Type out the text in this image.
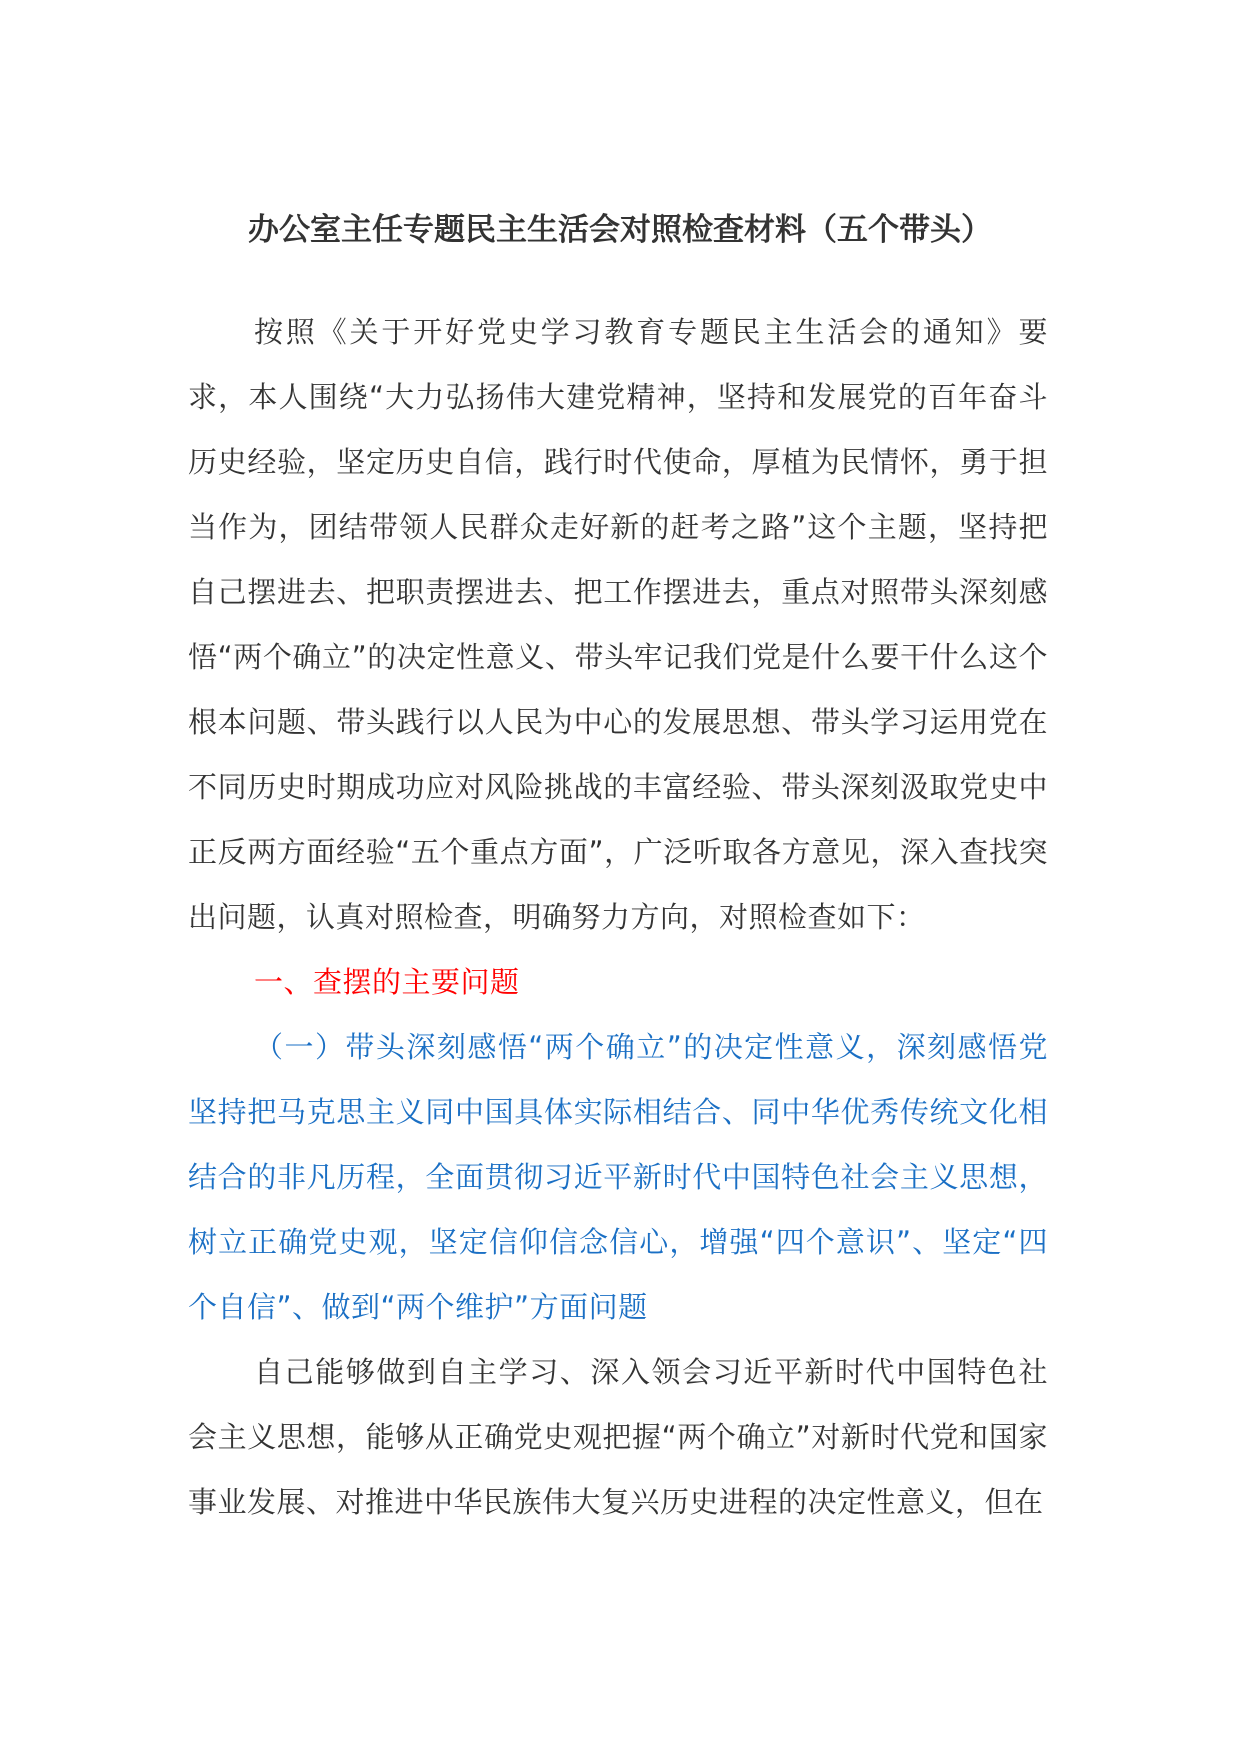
办公室主任专题民主生活会对照检查材料（五个带头）

按照《关于开好党史学习教育专题民主生活会的通知》要求，本人围绕“大力弘扬伟大建党精神，坚持和发展党的百年奋斗历史经验，坚定历史自信，践行时代使命，厚植为民情怀，勇于担当作为，团结带领人民群众走好新的赶考之路”这个主题，坚持把自己摆进去、把职责摆进去、把工作摆进去，重点对照带头深刻感悟“两个确立”的决定性意义、带头牢记我们党是什么要干什么这个根本问题、带头践行以人民为中心的发展思想、带头学习运用党在不同历史时期成功应对风险挑战的丰富经验、带头深刻汲取党史中正反两方面经验“五个重点方面”，广泛听取各方意见，深入查找突出问题，认真对照检查，明确努力方向，对照检查如下：

一、查摆的主要问题

（一）带头深刻感悟“两个确立”的决定性意义，深刻感悟党坚持把马克思主义同中国具体实际相结合、同中华优秀传统文化相结合的非凡历程，全面贯彻习近平新时代中国特色社会主义思想，树立正确党史观，坚定信仰信念信心，增强“四个意识”、坚定“四个自信”、做到“两个维护”方面问题

自己能够做到自主学习、深入领会习近平新时代中国特色社会主义思想，能够从正确党史观把握“两个确立”对新时代党和国家事业发展、对推进中华民族伟大复兴历史进程的决定性意义，但在
